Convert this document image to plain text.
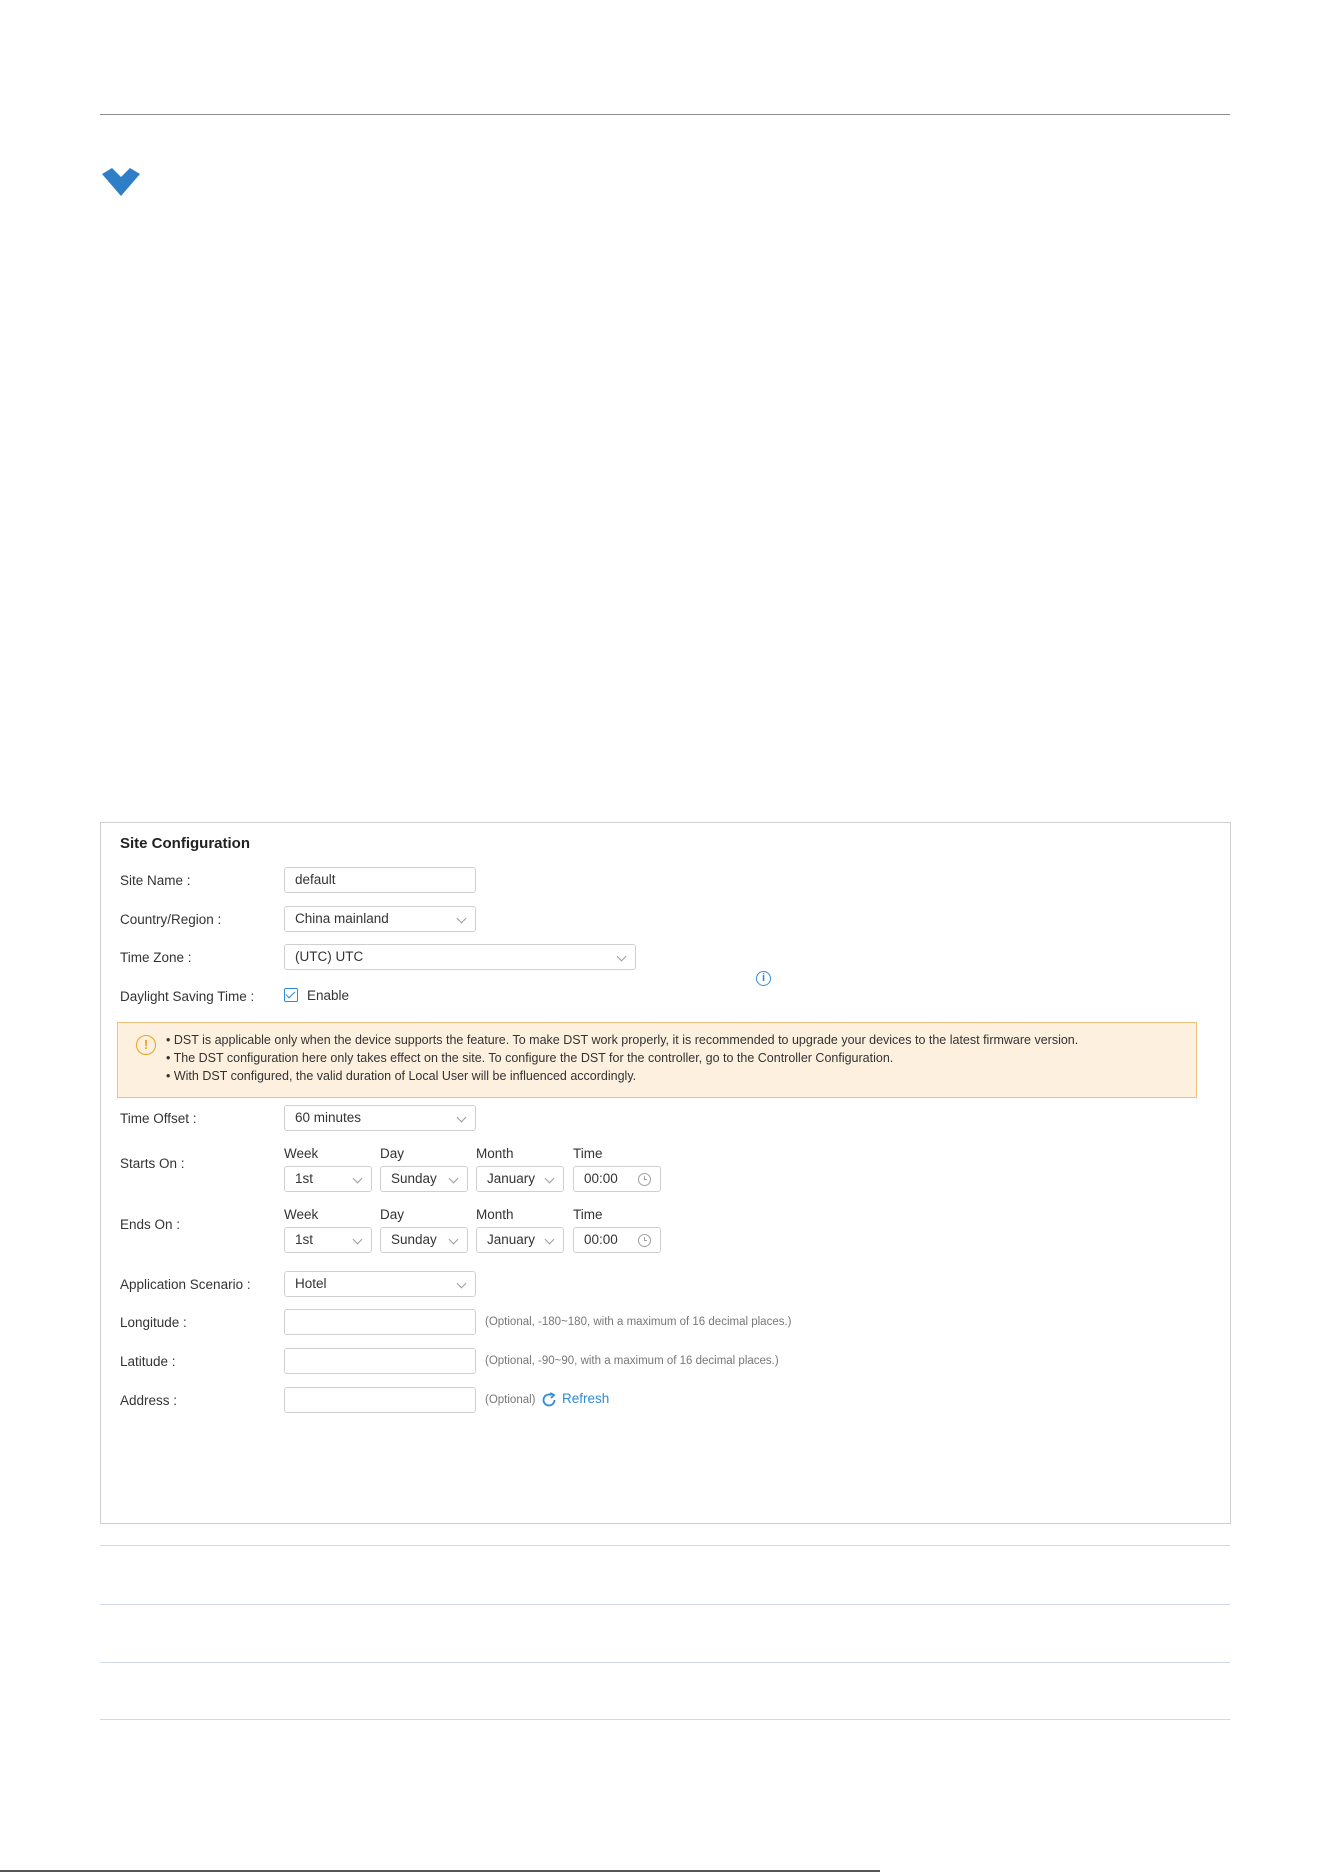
Site Configuration
Site Name :	default
Country/Region :	China mainland
Time Zone :	(UTC) UTC
i
Daylight Saving Time :	Enable
!	• DST is applicable only when the device supports the feature. To make DST work properly, it is recommended to upgrade your devices to the latest firmware version.
• The DST configuration here only takes effect on the site. To configure the DST for the controller, go to the Controller Configuration.
• With DST configured, the valid duration of Local User will be influenced accordingly.
Time Offset :	60 minutes
Starts On :
Week	Day	Month	Time
1st	Sunday	January	00:00
Ends On :
Week	Day	Month	Time
1st	Sunday	January	00:00
Application Scenario :	Hotel
Longitude :	(Optional, -180~180, with a maximum of 16 decimal places.)
Latitude :	(Optional, -90~90, with a maximum of 16 decimal places.)
Address :	(Optional) Refresh
